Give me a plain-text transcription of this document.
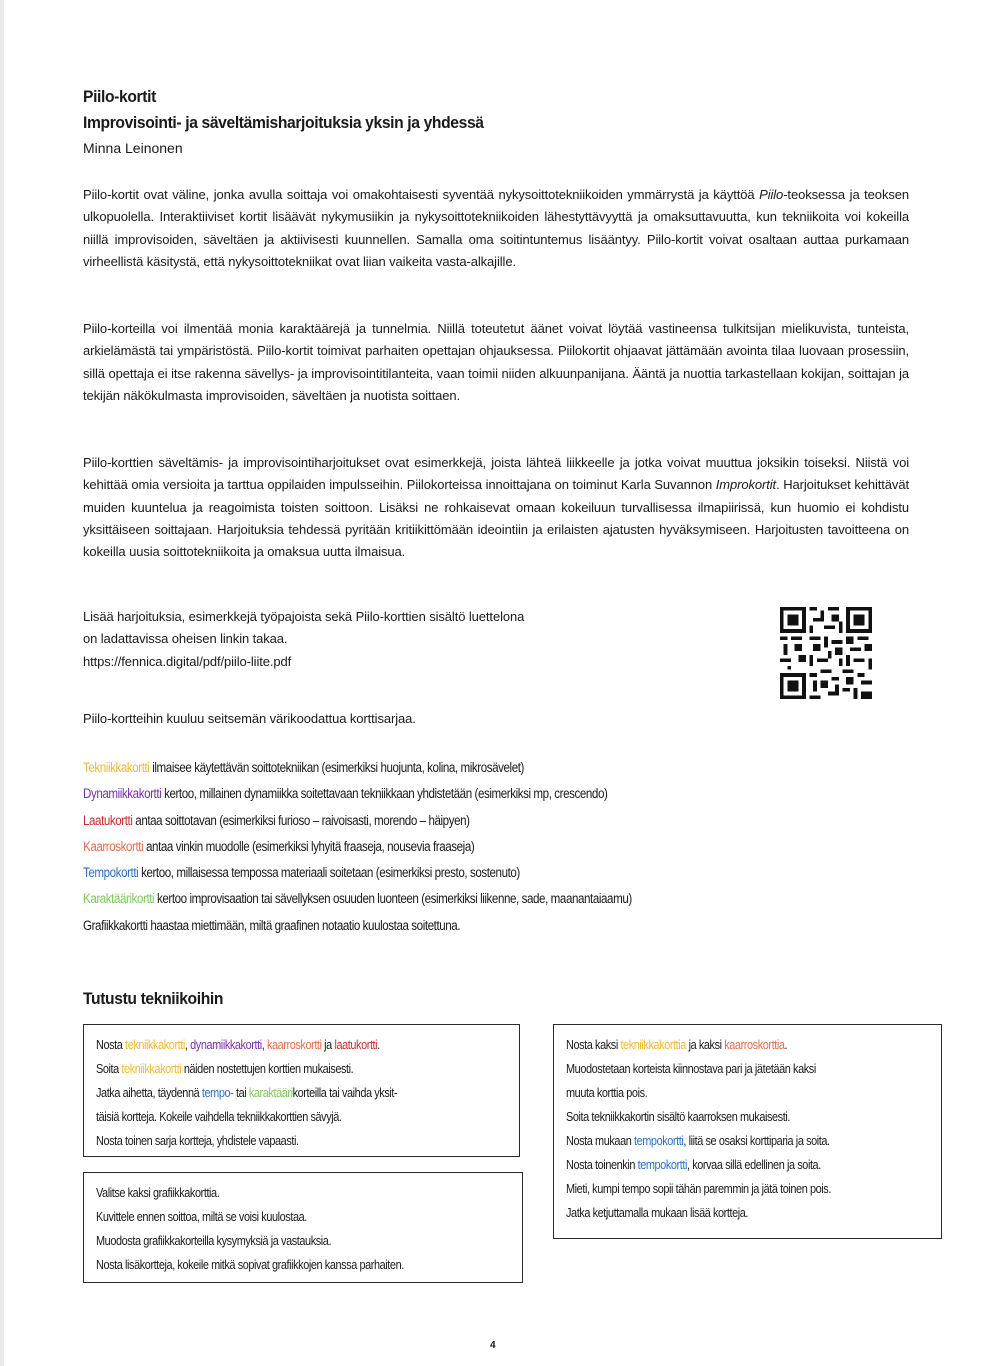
Piilo-kortit

Improvisointi- ja säveltämisharjoituksia yksin ja yhdessä

Minna Leinonen

Piilo-kortit ovat väline, jonka avulla soittaja voi omakohtaisesti syventää nykysoittotekniikoiden ymmärrystä ja käyttöä Piilo-teoksessa ja teoksen ulkopuolella. Interaktiiviset kortit lisäävät nykymusiikin ja nykysoittotekniikoiden lähestyttävyyttä ja omaksuttavuutta, kun tekniikoita voi kokeilla niillä improvisoiden, säveltäen ja aktiivisesti kuunnellen. Samalla oma soitintuntemus lisääntyy. Piilo-kortit voivat osaltaan auttaa purkamaan virheellistä käsitystä, että nykysoittotekniikat ovat liian vaikeita vasta-alkajille.

Piilo-korteilla voi ilmentää monia karaktäärejä ja tunnelmia. Niillä toteutetut äänet voivat löytää vastineensa tulkitsijan mielikuvista, tunteista, arkielämästä tai ympäristöstä. Piilo-kortit toimivat parhaiten opettajan ohjauksessa. Piilokortit ohjaavat jättämään avointa tilaa luovaan prosessiin, sillä opettaja ei itse rakenna sävellys- ja improvisointitilanteita, vaan toimii niiden alkuunpanijana. Ääntä ja nuottia tarkastellaan kokijan, soittajan ja tekijän näkökulmasta improvisoiden, säveltäen ja nuotista soittaen.

Piilo-korttien säveltämis- ja improvisointiharjoitukset ovat esimerkkejä, joista lähteä liikkeelle ja jotka voivat muuttua joksikin toiseksi. Niistä voi kehittää omia versioita ja tarttua oppilaiden impulsseihin. Piilokorteissa innoittajana on toiminut Karla Suvannon Improkortit. Harjoitukset kehittävät muiden kuuntelua ja reagoimista toisten soittoon. Lisäksi ne rohkaisevat omaan kokeiluun turvallisessa ilmapiirissä, kun huomio ei kohdistu yksittäiseen soittajaan. Harjoituksia tehdessä pyritään kritiikittömään ideointiin ja erilaisten ajatusten hyväksymiseen. Harjoitusten tavoitteena on kokeilla uusia soittotekniikoita ja omaksua uutta ilmaisua.

Lisää harjoituksia, esimerkkejä työpajoista sekä Piilo-korttien sisältö luettelona
on ladattavissa oheisen linkin takaa.
https://fennica.digital/pdf/piilo-liite.pdf

Piilo-kortteihin kuuluu seitsemän värikoodattua korttisarjaa.

Tekniikkakortti ilmaisee käytettävän soittotekniikan (esimerkiksi huojunta, kolina, mikrosävelet)
Dynamiikkakortti kertoo, millainen dynamiikka soitettavaan tekniikkaan yhdistetään (esimerkiksi mp, crescendo)
Laatukortti antaa soittotavan (esimerkiksi furioso – raivoisasti, morendo – häipyen)
Kaarroskortti antaa vinkin muodolle (esimerkiksi lyhyitä fraaseja, nousevia fraaseja)
Tempokortti kertoo, millaisessa tempossa materiaali soitetaan (esimerkiksi presto, sostenuto)
Karaktäärikortti kertoo improvisaation tai sävellyksen osuuden luonteen (esimerkiksi liikenne, sade, maanantaiaamu)
Grafiikkakortti haastaa miettimään, miltä graafinen notaatio kuulostaa soitettuna.
Tutustu tekniikoihin

Nosta tekniikkakortti, dynamiikkakortti, kaarroskortti ja laatukortti.

Soita tekniikkakortti näiden nostettujen korttien mukaisesti.

Jatka aihetta, täydennä tempo- tai karaktäärikorteilla tai vaihda yksit-

täisiä kortteja. Kokeile vaihdella tekniikkakorttien sävyjä.

Nosta toinen sarja kortteja, yhdistele vapaasti.

Valitse kaksi grafiikkakorttia.

Kuvittele ennen soittoa, miltä se voisi kuulostaa.

Muodosta grafiikkakorteilla kysymyksiä ja vastauksia.

Nosta lisäkortteja, kokeile mitkä sopivat grafiikkojen kanssa parhaiten.

Nosta kaksi tekniikkakorttia ja kaksi kaarroskorttia.

Muodostetaan korteista kiinnostava pari ja jätetään kaksi

muuta korttia pois.

Soita tekniikkakortin sisältö kaarroksen mukaisesti.

Nosta mukaan tempokortti, liitä se osaksi korttiparia ja soita.

Nosta toinenkin tempokortti, korvaa sillä edellinen ja soita.

Mieti, kumpi tempo sopii tähän paremmin ja jätä toinen pois.

Jatka ketjuttamalla mukaan lisää kortteja.

4
